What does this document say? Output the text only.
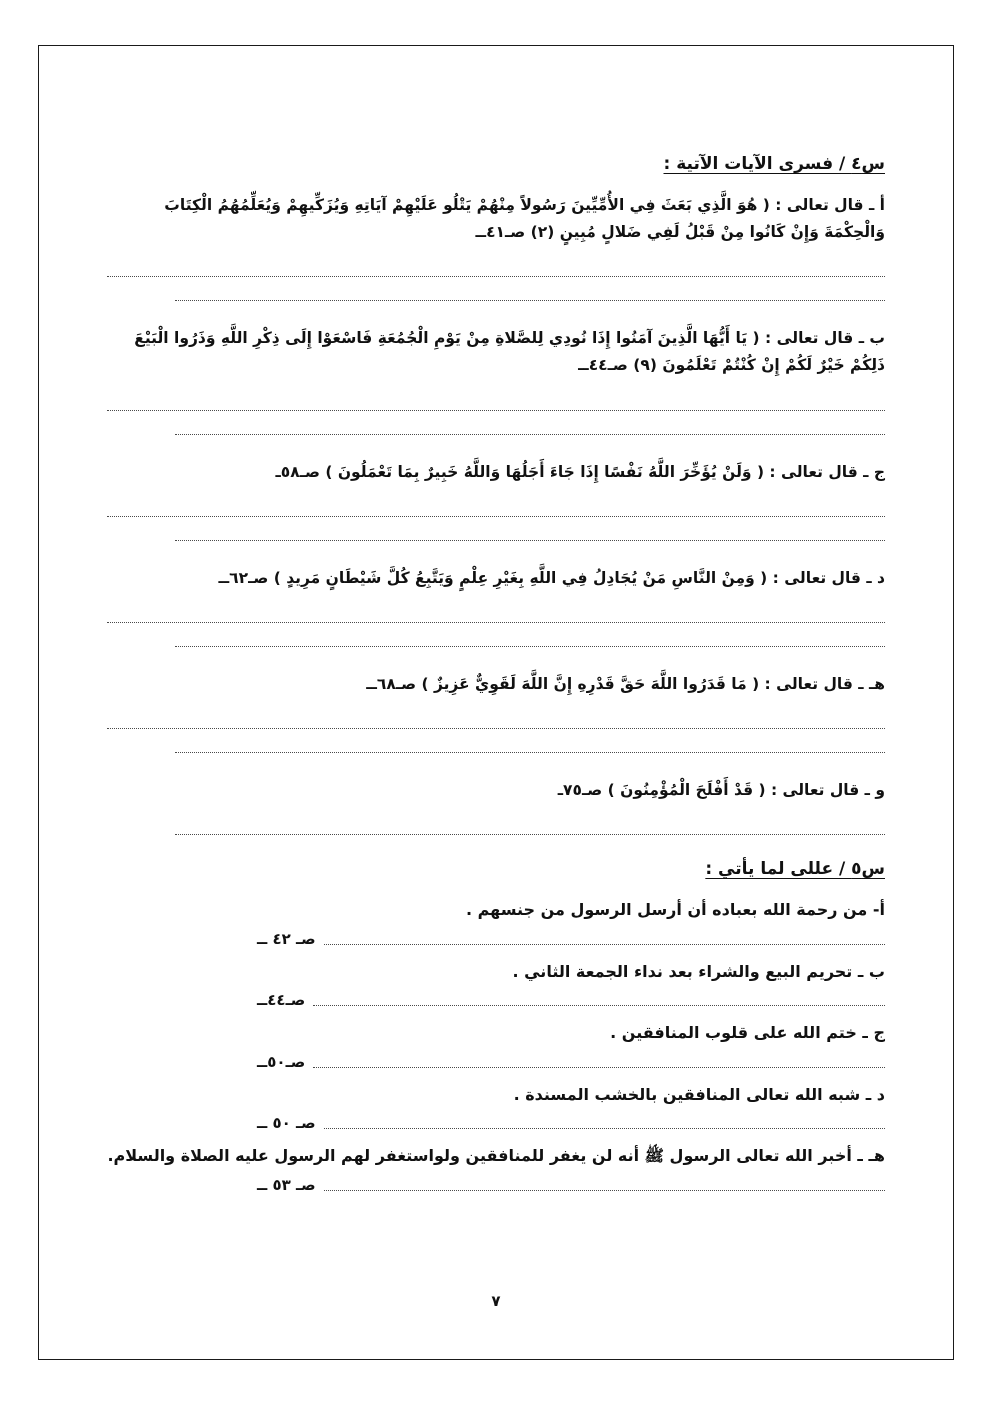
س٤ / فسرى الآيات الآتية :

أ ـ قال تعالى : ( هُوَ الَّذِي بَعَثَ فِي الأُمِّيِّينَ رَسُولاً مِنْهُمْ يَتْلُو عَلَيْهِمْ آيَاتِهِ وَيُزَكِّيهِمْ وَيُعَلِّمُهُمُ الْكِتَابَ وَالْحِكْمَةَ وَإِنْ كَانُوا مِنْ قَبْلُ لَفِي ضَلالٍ مُبِينٍ (٢) صـ٤١ــ

ب ـ قال تعالى : ( يَا أَيُّهَا الَّذِينَ آمَنُوا إِذَا نُودِي لِلصَّلاةِ مِنْ يَوْمِ الْجُمُعَةِ فَاسْعَوْا إِلَى ذِكْرِ اللَّهِ وَذَرُوا الْبَيْعَ ذَلِكُمْ خَيْرٌ لَكُمْ إِنْ كُنْتُمْ تَعْلَمُونَ (٩) صـ٤٤ــ

ج ـ قال تعالى : ( وَلَنْ يُؤَخِّرَ اللَّهُ نَفْسًا إِذَا جَاءَ أَجَلُهَا وَاللَّهُ خَبِيرٌ بِمَا تَعْمَلُونَ ) صـ٥٨ـ

د ـ قال تعالى : ( وَمِنْ النَّاسِ مَنْ يُجَادِلُ فِي اللَّهِ بِغَيْرِ عِلْمٍ وَيَتَّبِعُ كُلَّ شَيْطَانٍ مَرِيدٍ ) صـ٦٢ــ

هـ ـ قال تعالى : ( مَا قَدَرُوا اللَّهَ حَقَّ قَدْرِهِ إِنَّ اللَّهَ لَقَوِيٌّ عَزِيزٌ ) صـ٦٨ــ

و ـ قال تعالى : ( قَدْ أَفْلَحَ الْمُؤْمِنُونَ ) صـ٧٥ـ

س٥ / عللى لما يأتي :

أ- من رحمة الله بعباده أن أرسل الرسول من جنسهم .

صـ ٤٢ ــ

ب ـ تحريم البيع والشراء بعد نداء الجمعة الثاني .

صـ٤٤ــ

ج ـ ختم الله على قلوب المنافقين .

صـ٥٠ــ

د ـ شبه الله تعالى المنافقين بالخشب المسندة .

صـ ٥٠ ــ

هـ ـ أخبر الله تعالى الرسول ﷺ أنه لن يغفر للمنافقين ولواستغفر لهم الرسول عليه الصلاة والسلام.

صـ ٥٣ ــ
٧
